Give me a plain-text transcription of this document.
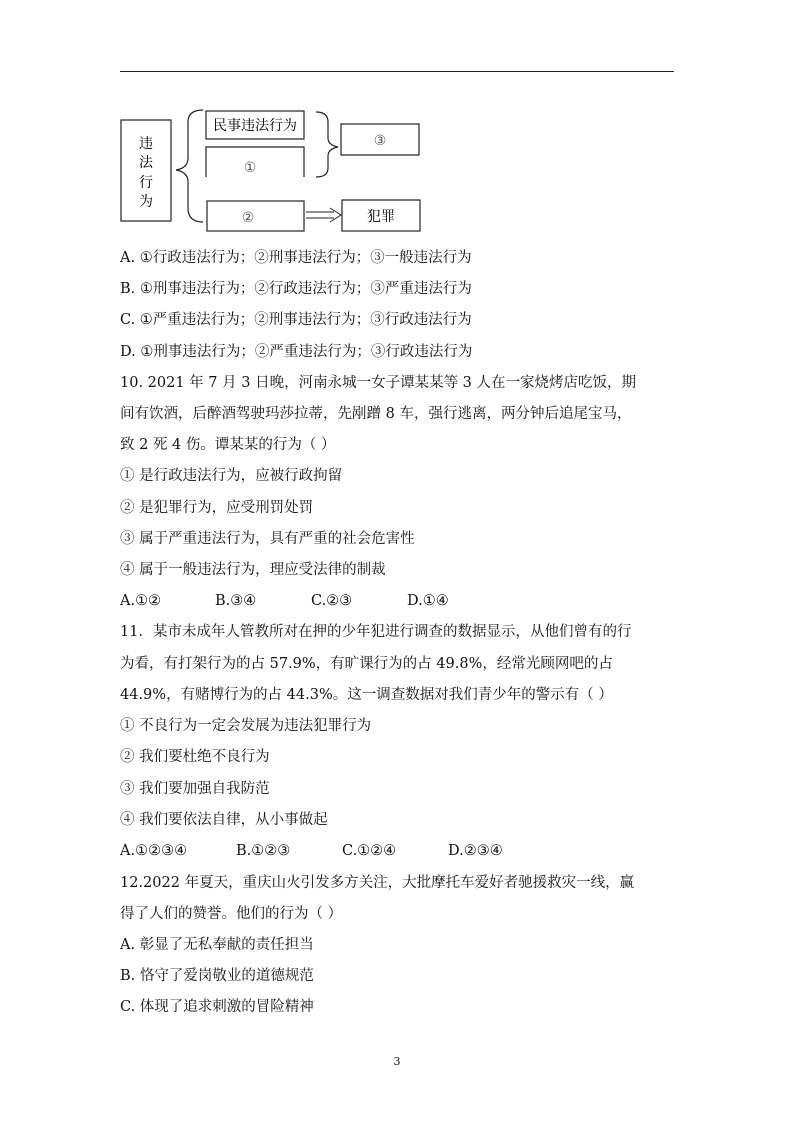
违
法
行
为
民事违法行为
①
③
②	犯罪
A. ①行政违法行为；②刑事违法行为；③一般违法行为
B. ①刑事违法行为；②行政违法行为；③严重违法行为
C. ①严重违法行为；②刑事违法行为；③行政违法行为
D. ①刑事违法行为；②严重违法行为；③行政违法行为
10. 2021 年 7 月 3 日晚，河南永城一女子谭某某等 3 人在一家烧烤店吃饭，期
间有饮酒，后醉酒驾驶玛莎拉蒂，先剐蹭 8 车，强行逃离，两分钟后追尾宝马，
致 2 死 4 伤。谭某某的行为（ ）
① 是行政违法行为，应被行政拘留
② 是犯罪行为，应受刑罚处罚
③ 属于严重违法行为，具有严重的社会危害性
④ 属于一般违法行为，理应受法律的制裁
A.①②	B.③④	C.②③	D.①④
11．某市未成年人管教所对在押的少年犯进行调查的数据显示，从他们曾有的行
为看，有打架行为的占 57.9%，有旷课行为的占 49.8%，经常光顾网吧的占
44.9%，有赌博行为的占 44.3%。这一调查数据对我们青少年的警示有（ ）
① 不良行为一定会发展为违法犯罪行为
② 我们要杜绝不良行为
③ 我们要加强自我防范
④ 我们要依法自律，从小事做起
A.①②③④	B.①②③	C.①②④	D.②③④
12.2022 年夏天，重庆山火引发多方关注，大批摩托车爱好者驰援救灾一线，赢
得了人们的赞誉。他们的行为（ ）
A. 彰显了无私奉献的责任担当
B. 恪守了爱岗敬业的道德规范
C. 体现了追求刺激的冒险精神
3
